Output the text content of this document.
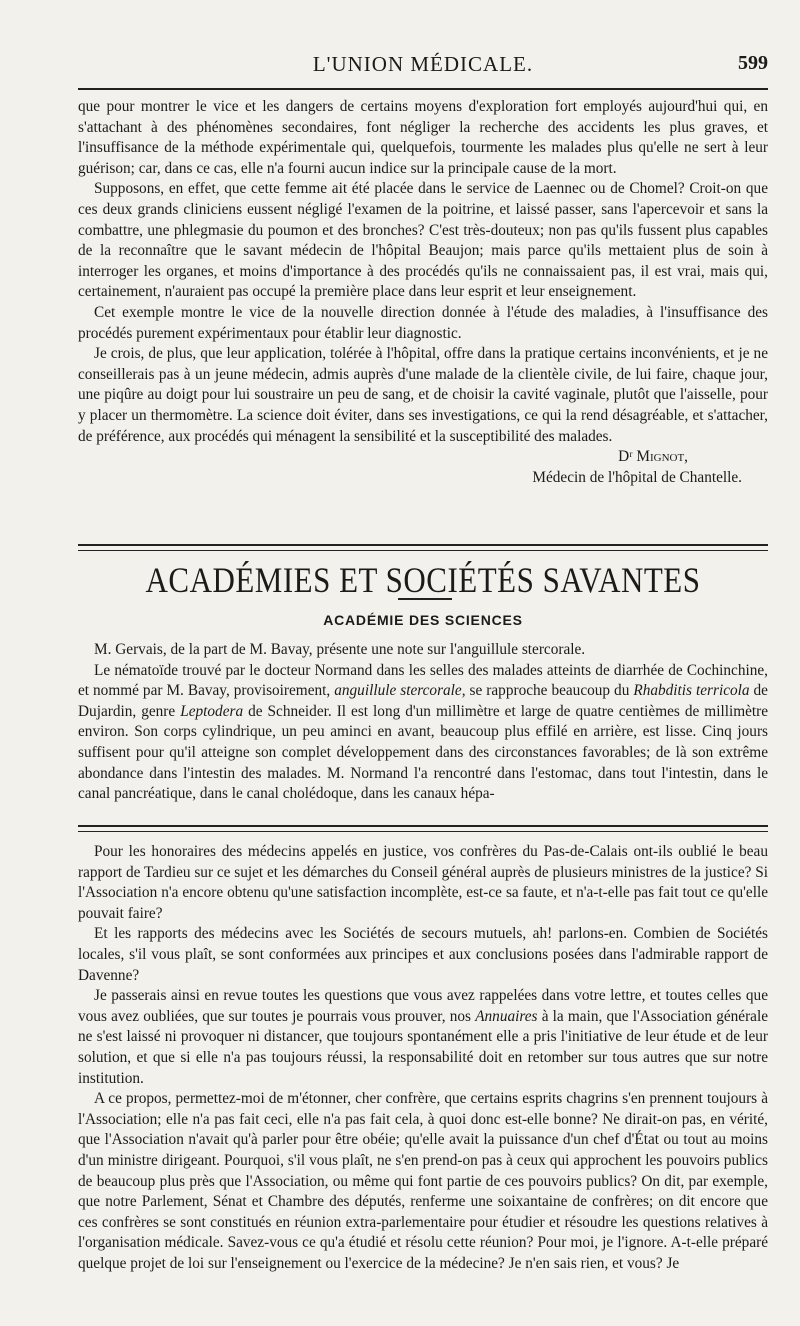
L'UNION MÉDICALE.	599

que pour montrer le vice et les dangers de certains moyens d'exploration fort employés aujourd'hui qui, en s'attachant à des phénomènes secondaires, font négliger la recherche des accidents les plus graves, et l'insuffisance de la méthode expérimentale qui, quelquefois, tourmente les malades plus qu'elle ne sert à leur guérison; car, dans ce cas, elle n'a fourni aucun indice sur la principale cause de la mort.

Supposons, en effet, que cette femme ait été placée dans le service de Laennec ou de Chomel? Croit-on que ces deux grands cliniciens eussent négligé l'examen de la poitrine, et laissé passer, sans l'apercevoir et sans la combattre, une phlegmasie du poumon et des bronches? C'est très-douteux; non pas qu'ils fussent plus capables de la reconnaître que le savant médecin de l'hôpital Beaujon; mais parce qu'ils mettaient plus de soin à interroger les organes, et moins d'importance à des procédés qu'ils ne connaissaient pas, il est vrai, mais qui, certainement, n'auraient pas occupé la première place dans leur esprit et leur enseignement.

Cet exemple montre le vice de la nouvelle direction donnée à l'étude des maladies, à l'insuffisance des procédés purement expérimentaux pour établir leur diagnostic.

Je crois, de plus, que leur application, tolérée à l'hôpital, offre dans la pratique certains inconvénients, et je ne conseillerais pas à un jeune médecin, admis auprès d'une malade de la clientèle civile, de lui faire, chaque jour, une piqûre au doigt pour lui soustraire un peu de sang, et de choisir la cavité vaginale, plutôt que l'aisselle, pour y placer un thermomètre. La science doit éviter, dans ses investigations, ce qui la rend désagréable, et s'attacher, de préférence, aux procédés qui ménagent la sensibilité et la susceptibilité des malades.

Dʳ Mignot,

Médecin de l'hôpital de Chantelle.

ACADÉMIES ET SOCIÉTÉS SAVANTES
ACADÉMIE DES SCIENCES

M. Gervais, de la part de M. Bavay, présente une note sur l'anguillule stercorale.

Le nématoïde trouvé par le docteur Normand dans les selles des malades atteints de diarrhée de Cochinchine, et nommé par M. Bavay, provisoirement, anguillule stercorale, se rapproche beaucoup du Rhabditis terricola de Dujardin, genre Leptodera de Schneider. Il est long d'un millimètre et large de quatre centièmes de millimètre environ. Son corps cylindrique, un peu aminci en avant, beaucoup plus effilé en arrière, est lisse. Cinq jours suffisent pour qu'il atteigne son complet développement dans des circonstances favorables; de là son extrême abondance dans l'intestin des malades. M. Normand l'a rencontré dans l'estomac, dans tout l'intestin, dans le canal pancréatique, dans le canal cholédoque, dans les canaux hépa-

Pour les honoraires des médecins appelés en justice, vos confrères du Pas-de-Calais ont-ils oublié le beau rapport de Tardieu sur ce sujet et les démarches du Conseil général auprès de plusieurs ministres de la justice? Si l'Association n'a encore obtenu qu'une satisfaction incomplète, est-ce sa faute, et n'a-t-elle pas fait tout ce qu'elle pouvait faire?

Et les rapports des médecins avec les Sociétés de secours mutuels, ah! parlons-en. Combien de Sociétés locales, s'il vous plaît, se sont conformées aux principes et aux conclusions posées dans l'admirable rapport de Davenne?

Je passerais ainsi en revue toutes les questions que vous avez rappelées dans votre lettre, et toutes celles que vous avez oubliées, que sur toutes je pourrais vous prouver, nos Annuaires à la main, que l'Association générale ne s'est laissé ni provoquer ni distancer, que toujours spontanément elle a pris l'initiative de leur étude et de leur solution, et que si elle n'a pas toujours réussi, la responsabilité doit en retomber sur tous autres que sur notre institution.

A ce propos, permettez-moi de m'étonner, cher confrère, que certains esprits chagrins s'en prennent toujours à l'Association; elle n'a pas fait ceci, elle n'a pas fait cela, à quoi donc est-elle bonne? Ne dirait-on pas, en vérité, que l'Association n'avait qu'à parler pour être obéie; qu'elle avait la puissance d'un chef d'État ou tout au moins d'un ministre dirigeant. Pourquoi, s'il vous plaît, ne s'en prend-on pas à ceux qui approchent les pouvoirs publics de beaucoup plus près que l'Association, ou même qui font partie de ces pouvoirs publics? On dit, par exemple, que notre Parlement, Sénat et Chambre des députés, renferme une soixantaine de confrères; on dit encore que ces confrères se sont constitués en réunion extra-parlementaire pour étudier et résoudre les questions relatives à l'organisation médicale. Savez-vous ce qu'a étudié et résolu cette réunion? Pour moi, je l'ignore. A-t-elle préparé quelque projet de loi sur l'enseignement ou l'exercice de la médecine? Je n'en sais rien, et vous? Je
